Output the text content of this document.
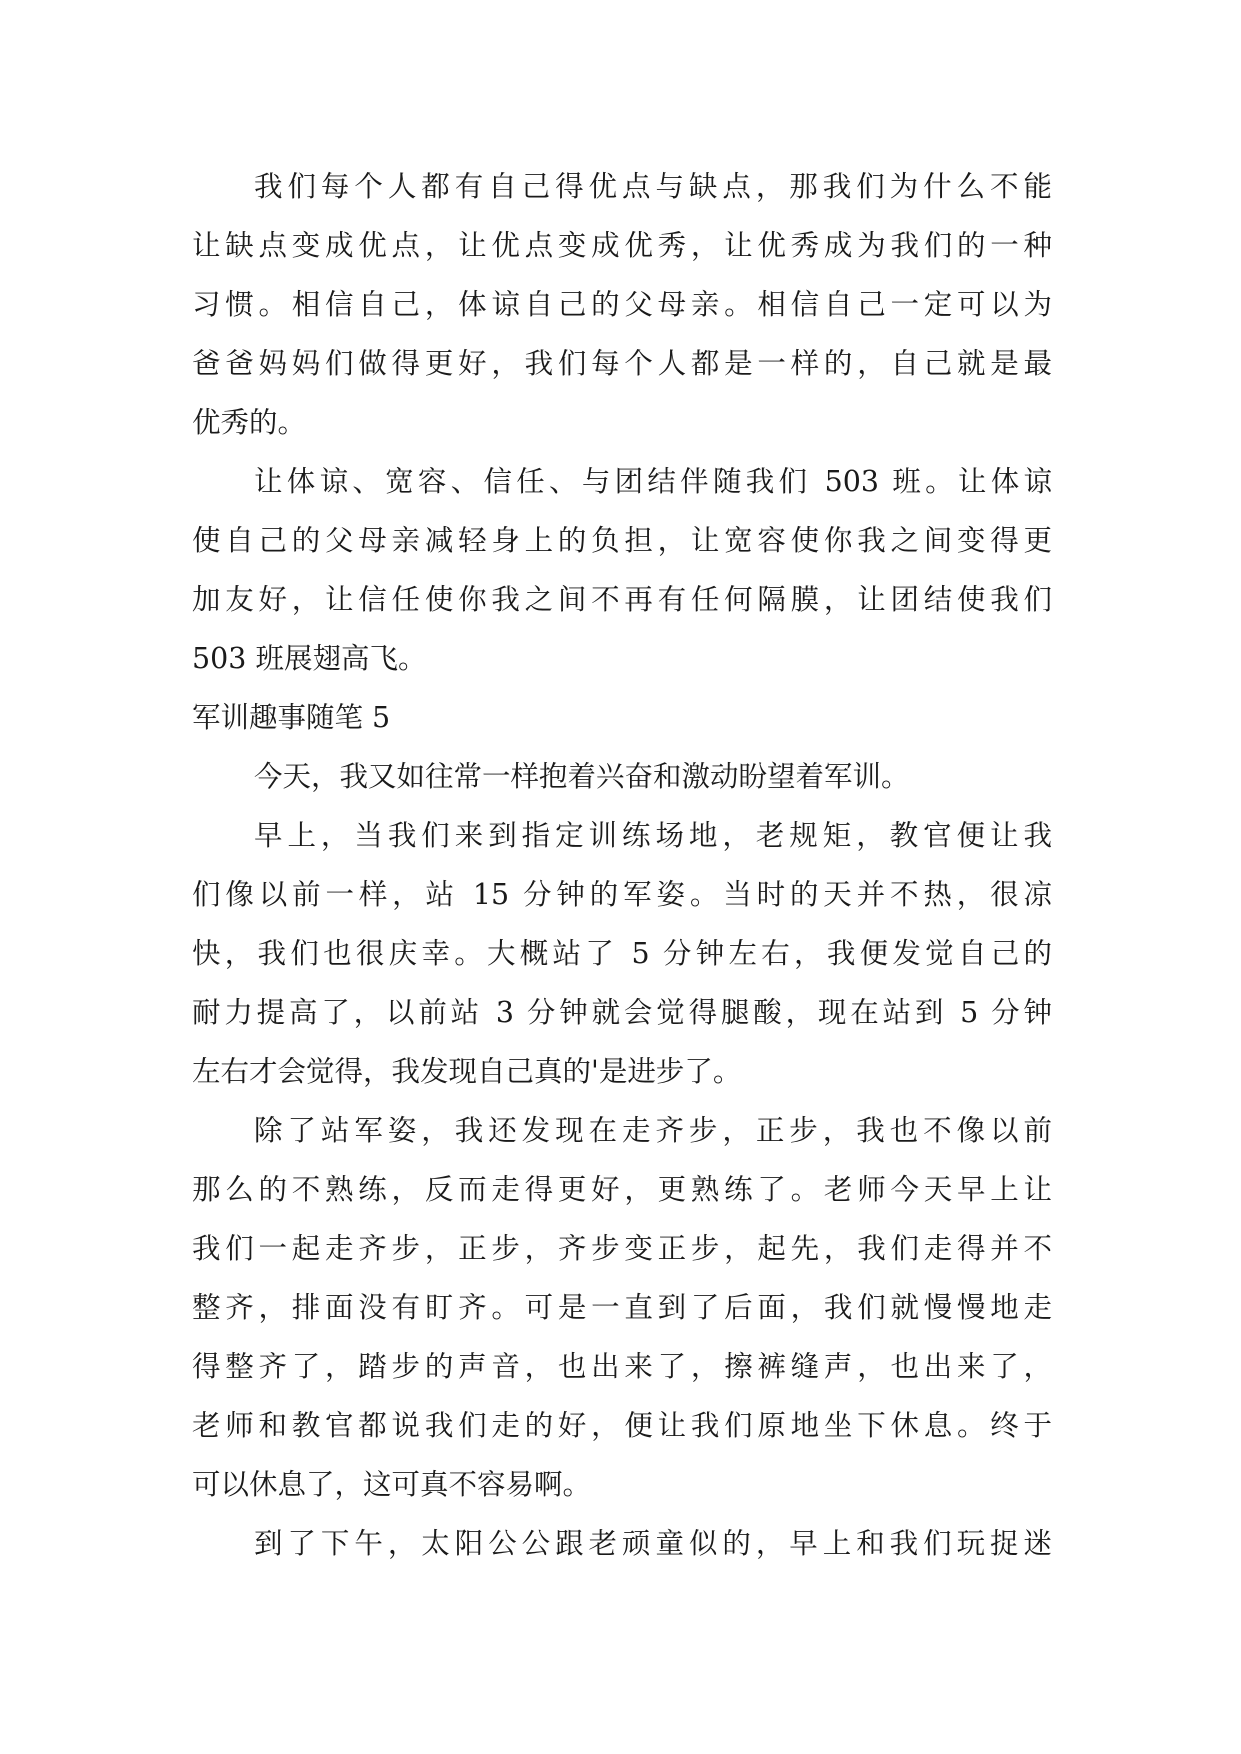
我们每个人都有自己得优点与缺点，那我们为什么不能
让缺点变成优点，让优点变成优秀，让优秀成为我们的一种
习惯。相信自己，体谅自己的父母亲。相信自己一定可以为
爸爸妈妈们做得更好，我们每个人都是一样的，自己就是最
优秀的。
让体谅、宽容、信任、与团结伴随我们 503 班。让体谅
使自己的父母亲减轻身上的负担，让宽容使你我之间变得更
加友好，让信任使你我之间不再有任何隔膜，让团结使我们
503 班展翅高飞。
军训趣事随笔 5
今天，我又如往常一样抱着兴奋和激动盼望着军训。
早上，当我们来到指定训练场地，老规矩，教官便让我
们像以前一样，站 15 分钟的军姿。当时的天并不热，很凉
快，我们也很庆幸。大概站了 5 分钟左右，我便发觉自己的
耐力提高了，以前站 3 分钟就会觉得腿酸，现在站到 5 分钟
左右才会觉得，我发现自己真的'是进步了。
除了站军姿，我还发现在走齐步，正步，我也不像以前
那么的不熟练，反而走得更好，更熟练了。老师今天早上让
我们一起走齐步，正步，齐步变正步，起先，我们走得并不
整齐，排面没有盯齐。可是一直到了后面，我们就慢慢地走
得整齐了，踏步的声音，也出来了，擦裤缝声，也出来了，
老师和教官都说我们走的好，便让我们原地坐下休息。终于
可以休息了，这可真不容易啊。
到了下午，太阳公公跟老顽童似的，早上和我们玩捉迷
